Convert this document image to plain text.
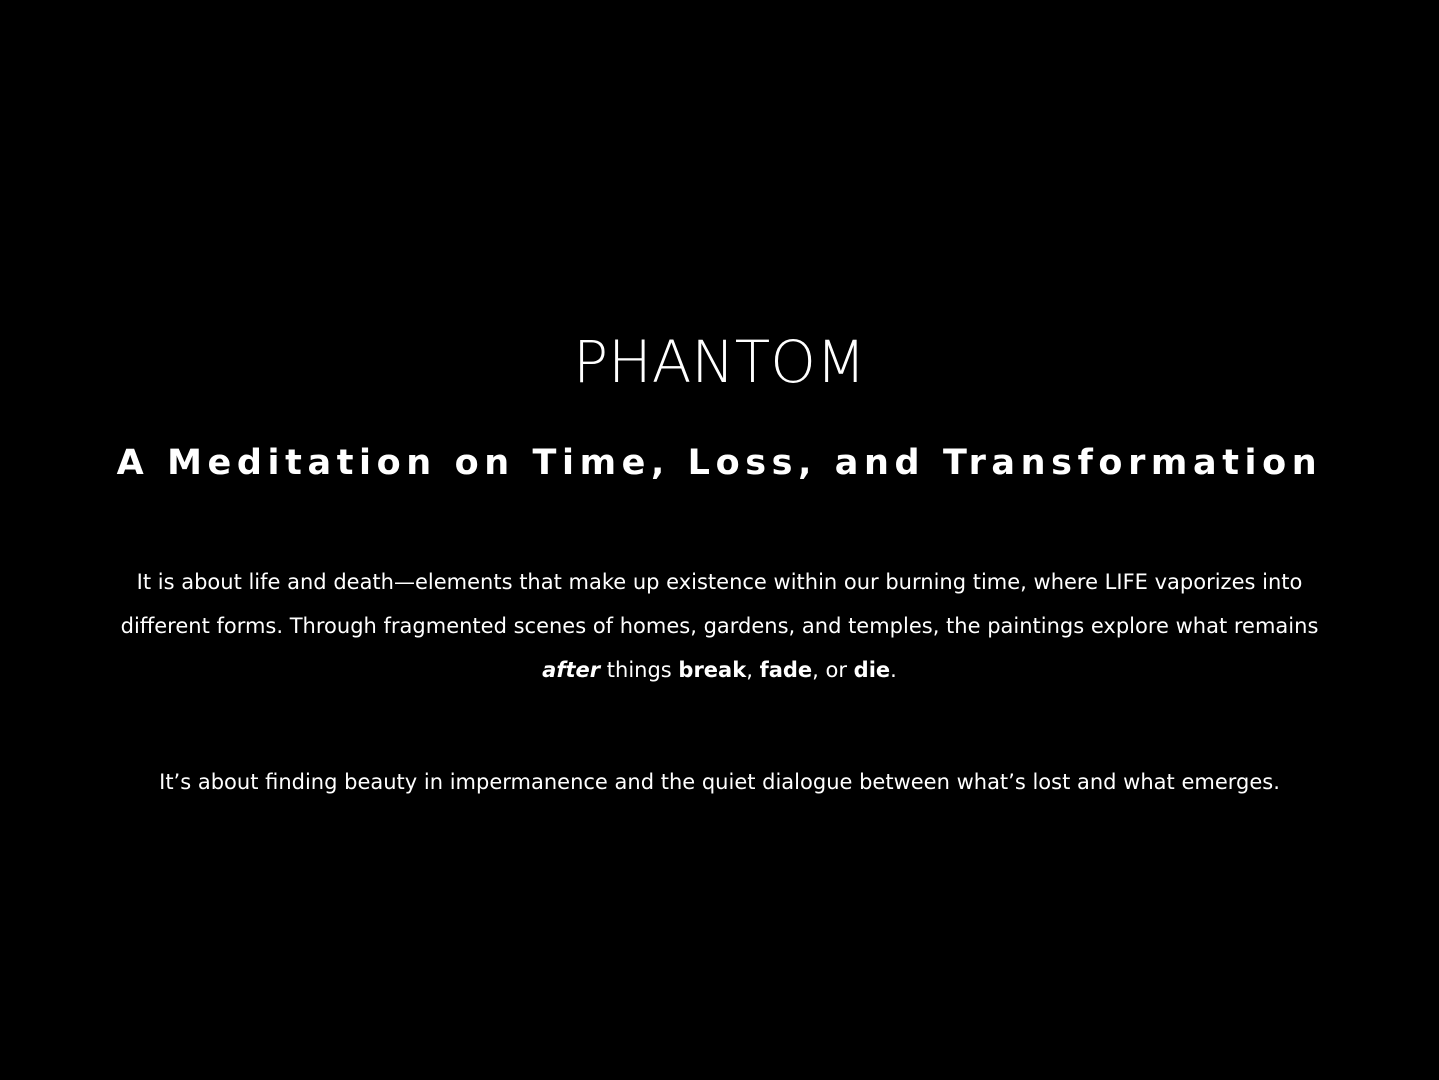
PHANTOM
A Meditation on Time, Loss, and Transformation

It is about life and death—elements that make up existence within our burning time, where LIFE vaporizes into
different forms. Through fragmented scenes of homes, gardens, and temples, the paintings explore what remains
after things break, fade, or die.

It’s about finding beauty in impermanence and the quiet dialogue between what’s lost and what emerges.
